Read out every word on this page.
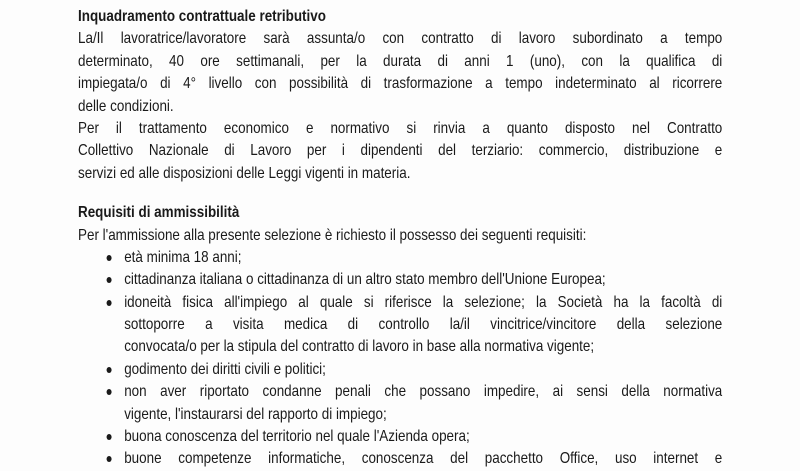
Inquadramento contrattuale retributivo
La/Il lavoratrice/lavoratore sarà assunta/o con contratto di lavoro subordinato a tempo
determinato, 40 ore settimanali, per la durata di anni 1 (uno), con la qualifica di
impiegata/o di 4° livello con possibilità di trasformazione a tempo indeterminato al ricorrere
delle condizioni.
Per il trattamento economico e normativo si rinvia a quanto disposto nel Contratto
Collettivo Nazionale di Lavoro per i dipendenti del terziario: commercio, distribuzione e
servizi ed alle disposizioni delle Leggi vigenti in materia.
Requisiti di ammissibilità
Per l'ammissione alla presente selezione è richiesto il possesso dei seguenti requisiti:
età minima 18 anni;
cittadinanza italiana o cittadinanza di un altro stato membro dell'Unione Europea;
idoneità fisica all'impiego al quale si riferisce la selezione; la Società ha la facoltà di
sottoporre a visita medica di controllo la/il vincitrice/vincitore della selezione
convocata/o per la stipula del contratto di lavoro in base alla normativa vigente;
godimento dei diritti civili e politici;
non aver riportato condanne penali che possano impedire, ai sensi della normativa
vigente, l'instaurarsi del rapporto di impiego;
buona conoscenza del territorio nel quale l'Azienda opera;
buone competenze informatiche, conoscenza del pacchetto Office, uso internet e
